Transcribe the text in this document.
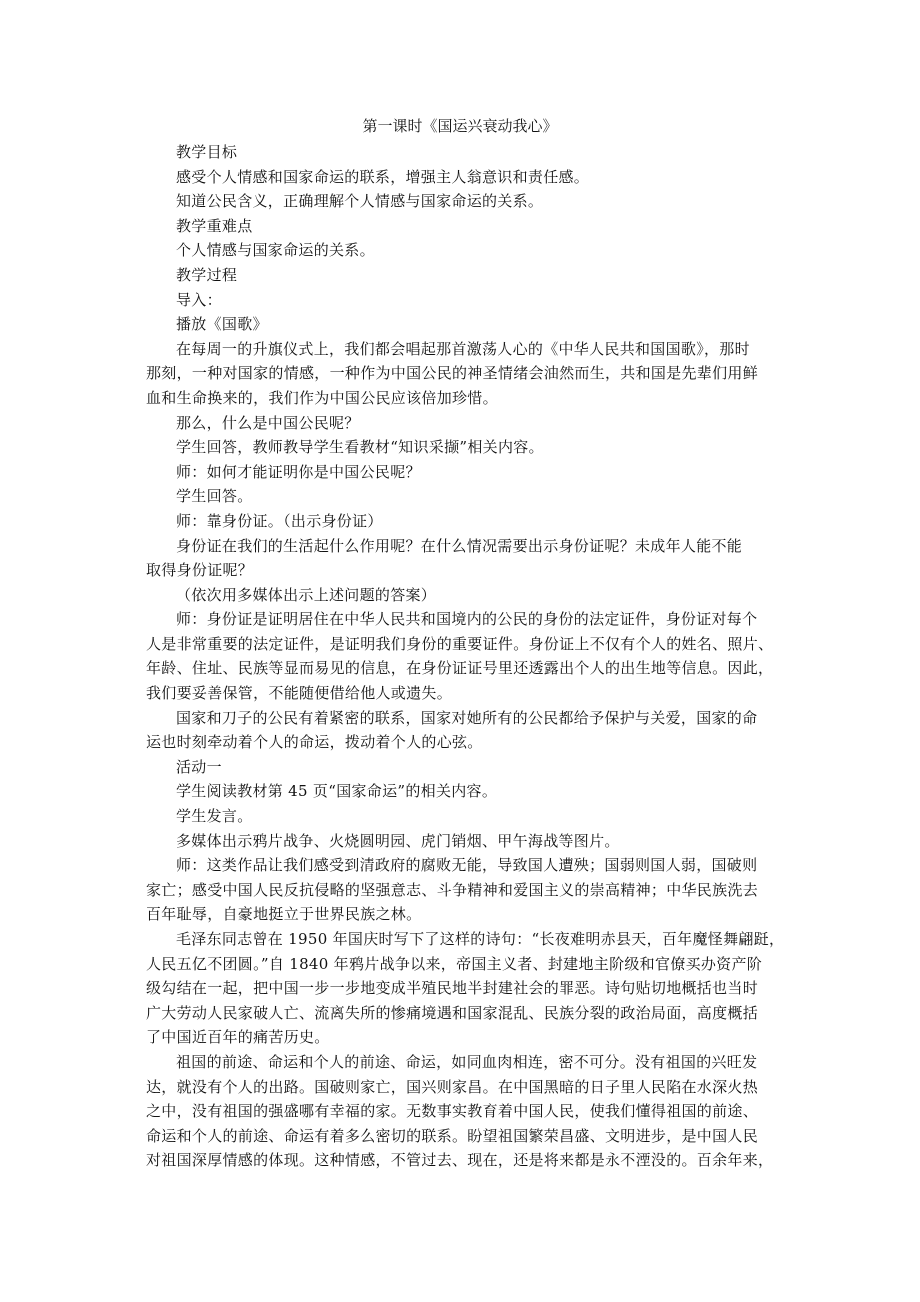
第一课时《国运兴衰动我心》

教学目标

感受个人情感和国家命运的联系，增强主人翁意识和责任感。

知道公民含义，正确理解个人情感与国家命运的关系。

教学重难点

个人情感与国家命运的关系。

教学过程

导入：

播放《国歌》

在每周一的升旗仪式上，我们都会唱起那首激荡人心的《中华人民共和国国歌》，那时
那刻，一种对国家的情感，一种作为中国公民的神圣情绪会油然而生，共和国是先辈们用鲜
血和生命换来的，我们作为中国公民应该倍加珍惜。

那么，什么是中国公民呢？

学生回答，教师教导学生看教材“知识采撷”相关内容。

师：如何才能证明你是中国公民呢？

学生回答。

师：靠身份证。（出示身份证）

身份证在我们的生活起什么作用呢？在什么情况需要出示身份证呢？未成年人能不能
取得身份证呢？

（依次用多媒体出示上述问题的答案）

师：身份证是证明居住在中华人民共和国境内的公民的身份的法定证件，身份证对每个
人是非常重要的法定证件，是证明我们身份的重要证件。身份证上不仅有个人的姓名、照片、
年龄、住址、民族等显而易见的信息，在身份证证号里还透露出个人的出生地等信息。因此，
我们要妥善保管，不能随便借给他人或遗失。

国家和刀子的公民有着紧密的联系，国家对她所有的公民都给予保护与关爱，国家的命
运也时刻牵动着个人的命运，拨动着个人的心弦。

活动一

学生阅读教材第 45 页“国家命运”的相关内容。

学生发言。

多媒体出示鸦片战争、火烧圆明园、虎门销烟、甲午海战等图片。

师：这类作品让我们感受到清政府的腐败无能，导致国人遭殃；国弱则国人弱，国破则
家亡；感受中国人民反抗侵略的坚强意志、斗争精神和爱国主义的崇高精神；中华民族洗去
百年耻辱，自豪地挺立于世界民族之林。

毛泽东同志曾在 1950 年国庆时写下了这样的诗句：“长夜难明赤县天，百年魔怪舞翩跹，
人民五亿不团圆。”自 1840 年鸦片战争以来，帝国主义者、封建地主阶级和官僚买办资产阶
级勾结在一起，把中国一步一步地变成半殖民地半封建社会的罪恶。诗句贴切地概括也当时
广大劳动人民家破人亡、流离失所的惨痛境遇和国家混乱、民族分裂的政治局面，高度概括
了中国近百年的痛苦历史。

祖国的前途、命运和个人的前途、命运，如同血肉相连，密不可分。没有祖国的兴旺发
达，就没有个人的出路。国破则家亡，国兴则家昌。在中国黑暗的日子里人民陷在水深火热
之中，没有祖国的强盛哪有幸福的家。无数事实教育着中国人民，使我们懂得祖国的前途、
命运和个人的前途、命运有着多么密切的联系。盼望祖国繁荣昌盛、文明进步，是中国人民
对祖国深厚情感的体现。这种情感，不管过去、现在，还是将来都是永不湮没的。百余年来，
